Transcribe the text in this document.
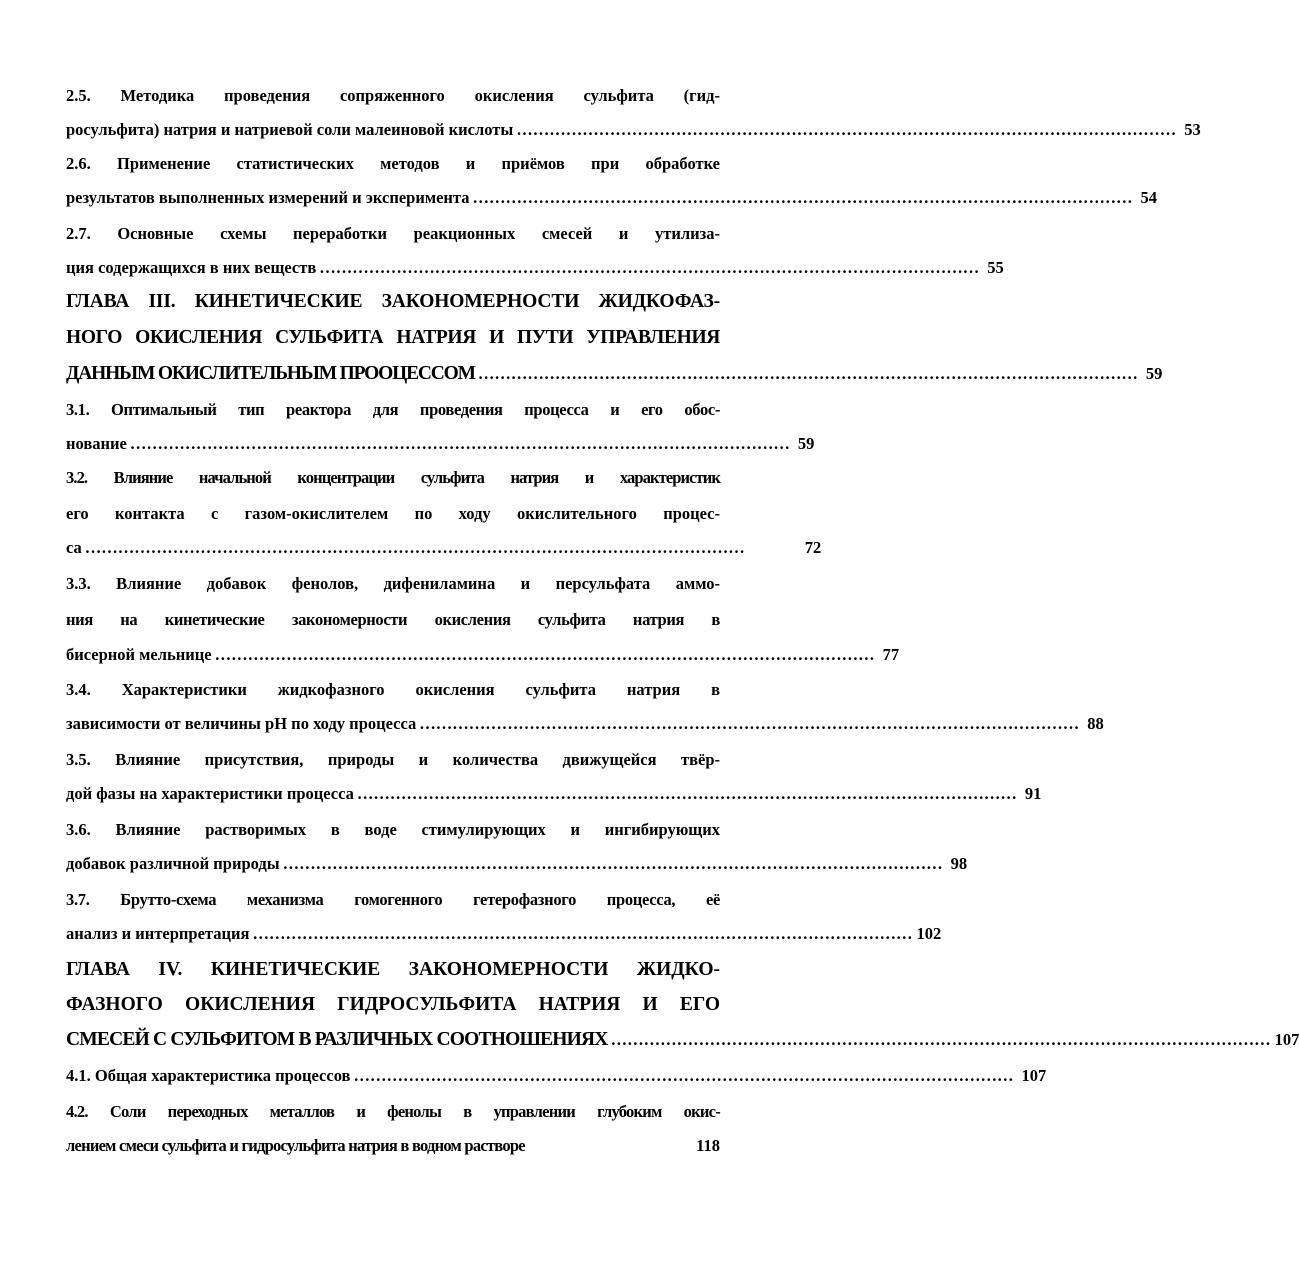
2.5. Методика проведения сопряженного окисления сульфита (гид-
росульфита) натрия и натриевой соли малеиновой кислоты ………………………………………………………………………………………………………… 53
2.6. Применение статистических методов и приёмов при обработке
результатов выполненных измерений и эксперимента ………………………………………………………………………………………………………… 54
2.7. Основные схемы переработки реакционных смесей и утилиза-
ция содержащихся в них веществ ………………………………………………………………………………………………………… 55
ГЛАВА III. КИНЕТИЧЕСКИЕ ЗАКОНОМЕРНОСТИ ЖИДКОФАЗ-
НОГО ОКИСЛЕНИЯ СУЛЬФИТА НАТРИЯ И ПУТИ УПРАВЛЕНИЯ
ДАННЫМ ОКИСЛИТЕЛЬНЫМ ПРООЦЕССОМ ………………………………………………………………………………………………………… 59
3.1. Оптимальный тип реактора для проведения процесса и его обос-
нование ………………………………………………………………………………………………………… 59
3.2. Влияние начальной концентрации сульфита натрия и характеристик
его контакта с газом-окислителем по ходу окислительного процес-
са …………………………………………………………………………………………………………	72
3.3. Влияние добавок фенолов, дифениламина и персульфата аммо-
ния на кинетические закономерности окисления сульфита натрия в
бисерной мельнице ………………………………………………………………………………………………………… 77
3.4. Характеристики жидкофазного окисления сульфита натрия в
зависимости от величины pH по ходу процесса ………………………………………………………………………………………………………… 88
3.5. Влияние присутствия, природы и количества движущейся твёр-
дой фазы на характеристики процесса ………………………………………………………………………………………………………… 91
3.6. Влияние растворимых в воде стимулирующих и ингибирующих
добавок различной природы ………………………………………………………………………………………………………… 98
3.7. Брутто-схема механизма гомогенного гетерофазного процесса, её
анализ и интерпретация ………………………………………………………………………………………………………… 102
ГЛАВА IV. КИНЕТИЧЕСКИЕ ЗАКОНОМЕРНОСТИ ЖИДКО-
ФАЗНОГО ОКИСЛЕНИЯ ГИДРОСУЛЬФИТА НАТРИЯ И ЕГО
СМЕСЕЙ С СУЛЬФИТОМ В РАЗЛИЧНЫХ СООТНОШЕНИЯХ ………………………………………………………………………………………………………… 107
4.1. Общая характеристика процессов ………………………………………………………………………………………………………… 107
4.2. Соли переходных металлов и фенолы в управлении глубоким окис-
лением смеси сульфита и гидросульфита натрия в водном растворе	118
